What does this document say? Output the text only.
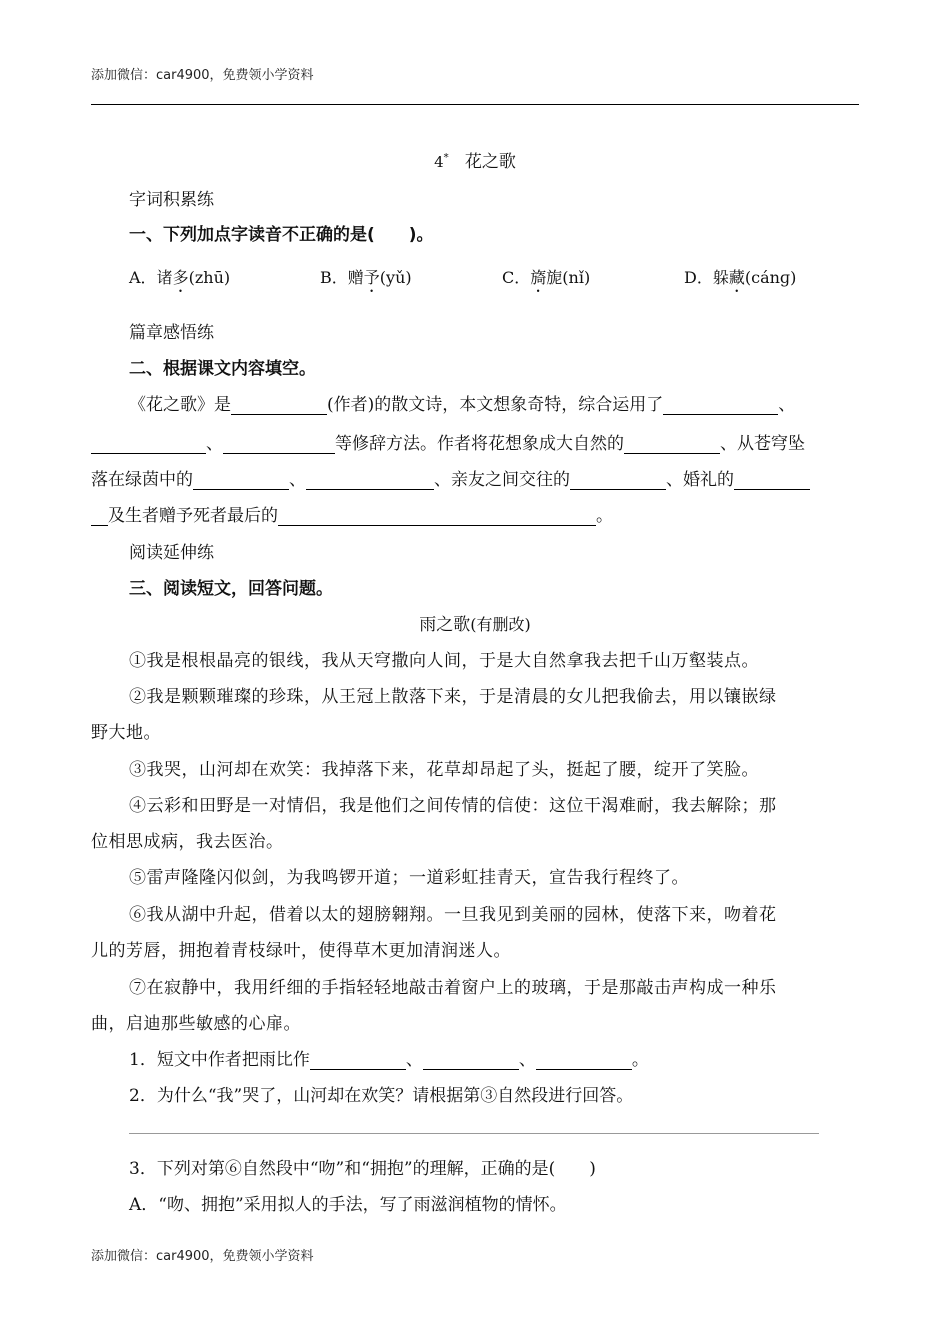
添加微信：car4900，免费领小学资料
4* 花之歌
字词积累练
一、下列加点字读音不正确的是(　　)。
A．诸多(zhū)	B．赠予(yǔ)	C．旖旎(nǐ)	D．躲藏(cánɡ)
篇章感悟练
二、根据课文内容填空。
《花之歌》是	(作者)的散文诗，本文想象奇特，综合运用了	、
、	等修辞方法。作者将花想象成大自然的	、从苍穹坠
落在绿茵中的	、	、亲友之间交往的	、婚礼的
及生者赠予死者最后的	。
阅读延伸练
三、阅读短文，回答问题。
雨之歌(有删改)
①我是根根晶亮的银线，我从天穹撒向人间，于是大自然拿我去把千山万壑装点。
②我是颗颗璀璨的珍珠，从王冠上散落下来，于是清晨的女儿把我偷去，用以镶嵌绿
野大地。
③我哭，山河却在欢笑：我掉落下来，花草却昂起了头，挺起了腰，绽开了笑脸。
④云彩和田野是一对情侣，我是他们之间传情的信使：这位干渴难耐，我去解除；那
位相思成病，我去医治。
⑤雷声隆隆闪似剑，为我鸣锣开道；一道彩虹挂青天，宣告我行程终了。
⑥我从湖中升起，借着以太的翅膀翱翔。一旦我见到美丽的园林，使落下来，吻着花
儿的芳唇，拥抱着青枝绿叶，使得草木更加清润迷人。
⑦在寂静中，我用纤细的手指轻轻地敲击着窗户上的玻璃，于是那敲击声构成一种乐
曲，启迪那些敏感的心扉。
1．短文中作者把雨比作	、	、	。
2．为什么“我”哭了，山河却在欢笑？请根据第③自然段进行回答。
3．下列对第⑥自然段中“吻”和“拥抱”的理解，正确的是(　　)
A．“吻、拥抱”采用拟人的手法，写了雨滋润植物的情怀。
添加微信：car4900，免费领小学资料
